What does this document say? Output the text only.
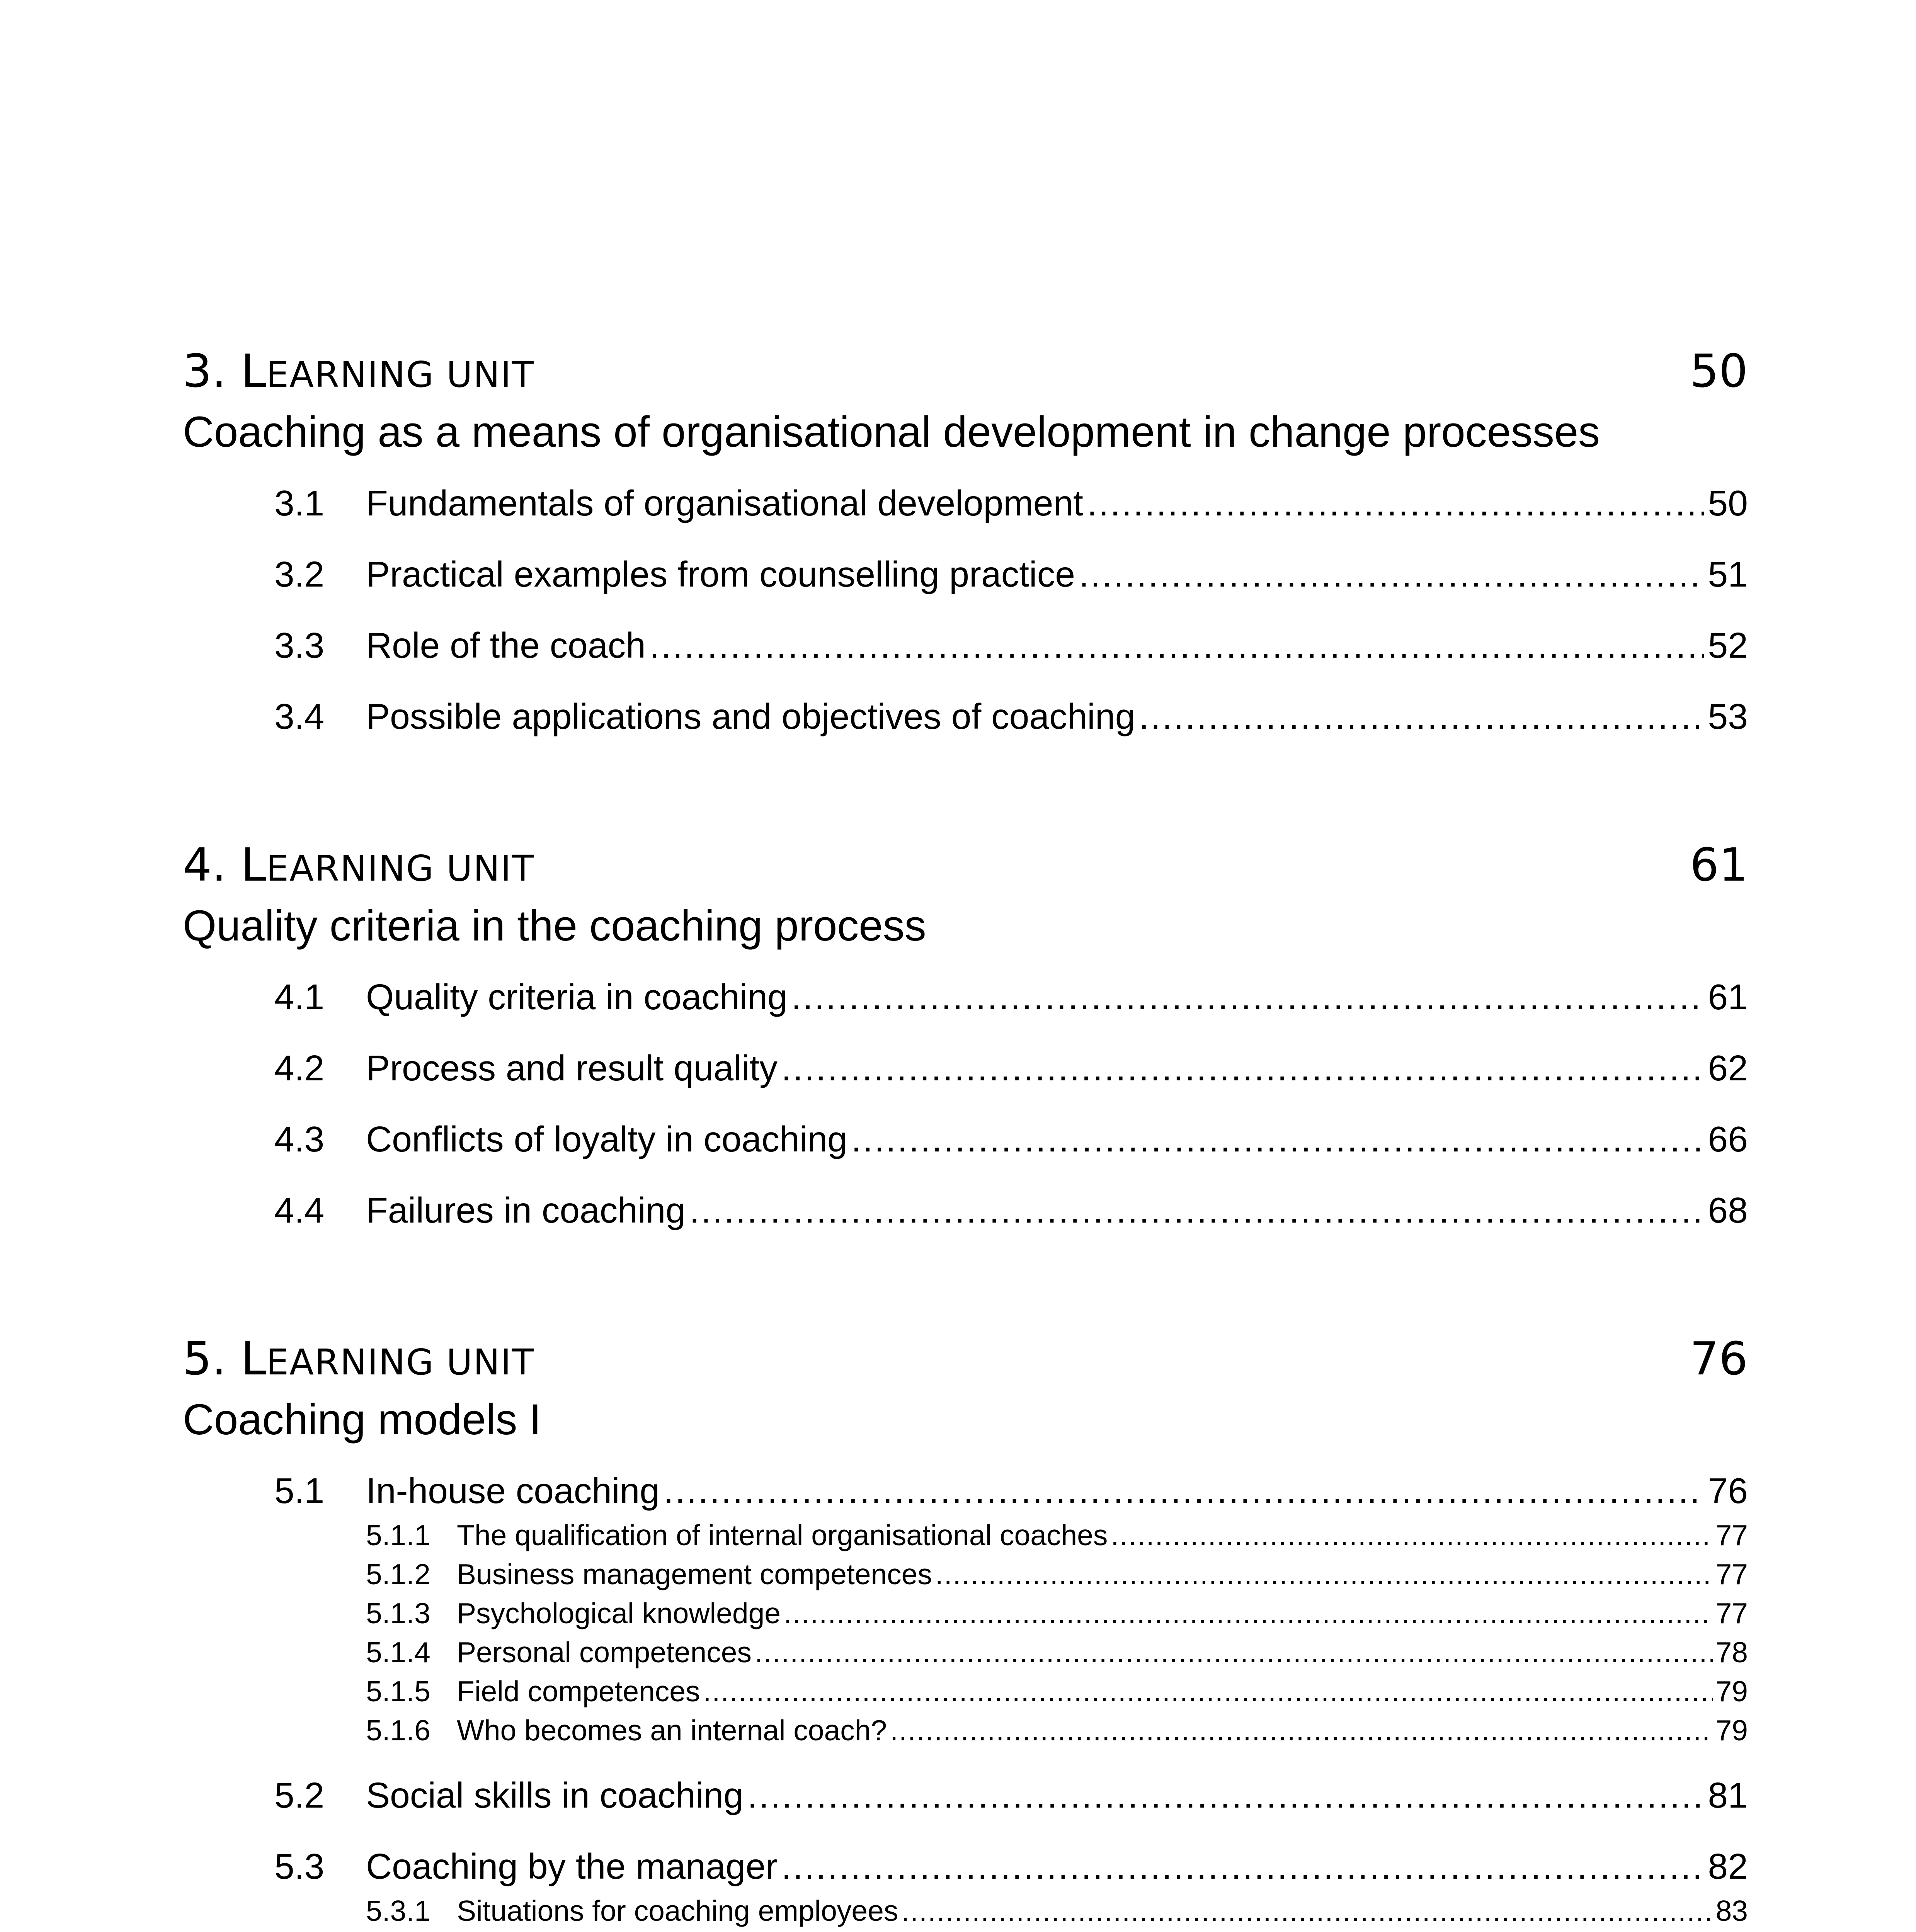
3. LEARNING UNIT	50
Coaching as a means of organisational development in change processes
3.1	Fundamentals of organisational development .....	50
3.2	Practical examples from counselling practice .....	51
3.3	Role of the coach .....	52
3.4	Possible applications and objectives of coaching .....	53
4. LEARNING UNIT	61
Quality criteria in the coaching process
4.1	Quality criteria in coaching .....	61
4.2	Process and result quality .....	62
4.3	Conflicts of loyalty in coaching .....	66
4.4	Failures in coaching .....	68
5. LEARNING UNIT	76
Coaching models I
5.1	In-house coaching .....	76
5.1.1 The qualification of internal organisational coaches .....	77
5.1.2 Business management competences .....	77
5.1.3 Psychological knowledge .....	77
5.1.4 Personal competences .....	78
5.1.5 Field competences .....	79
5.1.6 Who becomes an internal coach? .....	79
5.2	Social skills in coaching .....	81
5.3	Coaching by the manager .....	82
5.3.1 Situations for coaching employees .....	83
.....
